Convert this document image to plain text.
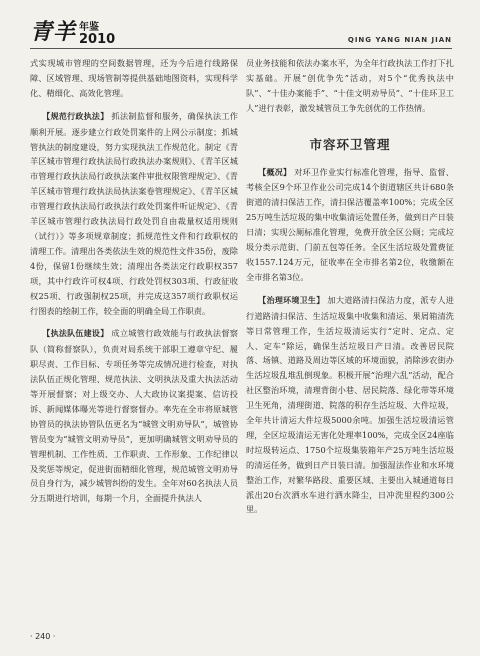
青羊 年鉴
2010	QING YANG NIAN JIAN

式实现城市管理的空间数据管理，还为今后进行线路保障、区域管理、现场管制等提供基础地图资料，实现科学化、精细化、高效化管理。

【规范行政执法】 抓法制监督和服务，确保执法工作顺利开展。逐步建立行政处罚案件的上网公示制度；抓城管执法的制度建设，努力实现执法工作规范化。制定《青羊区城市管理行政执法局行政执法办案规则》、《青羊区城市管理行政执法局行政执法案件审批权限管理规定》、《青羊区城市管理行政执法局执法案卷管理规定》、《青羊区城市管理行政执法局行政执法行政处罚案件听证规定》、《青羊区城市管理行政执法局行政处罚自由裁量权适用规则（试行）》等多项规章制度；抓规范性文件和行政职权的清理工作。清理出各类依法生效的规范性文件35份，废除4份，保留1份继续生效；清理出各类法定行政职权357项，其中行政许可权4项、行政处罚权303项、行政征收权25项、行政强制权25项，并完成这357项行政职权运行图表的绘制工作，较全面的明确全局工作职责。

【执法队伍建设】 成立城管行政效能与行政执法督察队（简称督察队），负责对局系统干部职工遵章守纪、履职尽责、工作目标、专项任务等完成情况进行检查，对执法队伍正规化管理、规范执法、文明执法及重大执法活动等开展督察；对上级交办、人大政协议案提案、信访投诉、新闻媒体曝光等进行督察督办。率先在全市将原城管协管员的执法协管队伍更名为“城管文明劝导队”，城管协管员变为“城管文明劝导员”，更加明确城管文明劝导员的管理机制、工作性质、工作职责、工作形象、工作纪律以及奖惩等规定，促进街面精细化管理，规范城管文明劝导员自身行为，减少城管纠纷的发生。全年对60名执法人员分五期进行培训，每期一个月，全面提升执法人

员业务技能和依法办案水平，为全年行政执法工作打下扎实基础。开展“创优争先”活动，对5个“优秀执法中队”、“十佳办案能手”、“十佳文明劝导员”、“十佳环卫工人”进行表彰，激发城管员工争先创优的工作热情。

市容环卫管理

【概况】 对环卫作业实行标准化管理，指导、监督、考核全区9个环卫作业公司完成14个街道辖区共计680条街道的清扫保洁工作，清扫保洁覆盖率100%；完成全区25万吨生活垃圾的集中收集清运处置任务，做到日产日装日清；实现公厕标准化管理，免费开放全区公厕；完成垃圾分类示范街、门前五包等任务。全区生活垃圾处置费征收1557.124万元，征收率在全市排名第2位，收缴额在全市排名第3位。

【治理环境卫生】 加大道路清扫保洁力度，派专人进行道路清扫保洁、生活垃圾集中收集和清运、果屑箱清洗等日常管理工作，生活垃圾清运实行“定时、定点、定人、定车”除运，确保生活垃圾日产日清。改善居民院落、场镇、道路及周边等区域的环境面貌，消除涉农街办生活垃圾乱堆乱倒现象。积极开展“治理六乱”活动，配合社区整治环境，清理背街小巷、居民院落、绿化带等环境卫生死角，清理街道、院落的积存生活垃圾、大件垃圾，全年共计清运大件垃圾5000余吨。加强生活垃圾清运管理，全区垃圾清运无害化处理率100%，完成全区24座临时垃圾转运点、1750个垃圾集装箱年产25万吨生活垃圾的清运任务，做到日产日装日清。加强湿法作业和水环境整治工作，对繁华路段、重要区域、主要出入城通道每日派出20台次洒水车进行洒水降尘，日冲洗里程约300公里。

· 240 ·
